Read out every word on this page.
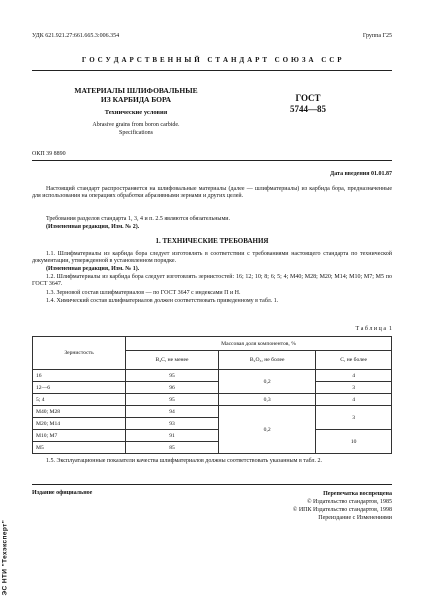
УДК 621.921.27:661.665.3:006.354	Группа Г25
Г О С У Д А Р С Т В Е Н Н Ы Й   С Т А Н Д А Р Т   С О Ю З А   С С Р
МАТЕРИАЛЫ ШЛИФОВАЛЬНЫЕ
ИЗ КАРБИДА БОРА
Технические условия
Abrasive grains from boron carbide.
Specifications
ГОСТ
5744—85
ОКП 39 8890
Дата введения 01.01.87
Настоящий стандарт распространяется на шлифовальные материалы (далее — шлифматериалы) из карбида бора, предназначенные для использования на операциях обработки абразивными зернами и других целей.
Требования разделов стандарта 1, 3, 4 и п. 2.5 являются обязательными.
(Измененная редакция, Изм. № 2).
1. ТЕХНИЧЕСКИЕ ТРЕБОВАНИЯ
1.1. Шлифматериалы из карбида бора следует изготовлять в соответствии с требованиями настоящего стандарта по технической документации, утвержденной в установленном порядке.
(Измененная редакция, Изм. № 1).
1.2. Шлифматериалы из карбида бора следует изготовлять зернистостей: 16; 12; 10; 8; 6; 5; 4; М40; М28; М20; М14; М10; М7; М5 по ГОСТ 3647.
1.3. Зерновой состав шлифматериалов — по ГОСТ 3647 с индексами П и Н.
1.4. Химический состав шлифматериалов должен соответствовать приведенному в табл. 1.
Т а б л и ц а  1
Зернистость	Массовая доля компонентов, %		
	B₄C, не менее	B₂O₃, не более	C, не более
16	95	0,2	4
12—6	96		3
5; 4	95	0,3	4
М40; М28	94	0,2	3
М20; М14	93		
М10; М7	91		10
М5	85		
1.5. Эксплуатационные показатели качества шлифматериалов должны соответствовать указанным в табл. 2.
Издание официальное	Перепечатка воспрещена
© Издательство стандартов, 1985
© ИПК Издательство стандартов, 1998
Переиздание с Изменениями
ЭС НТИ "Техэксперт"
